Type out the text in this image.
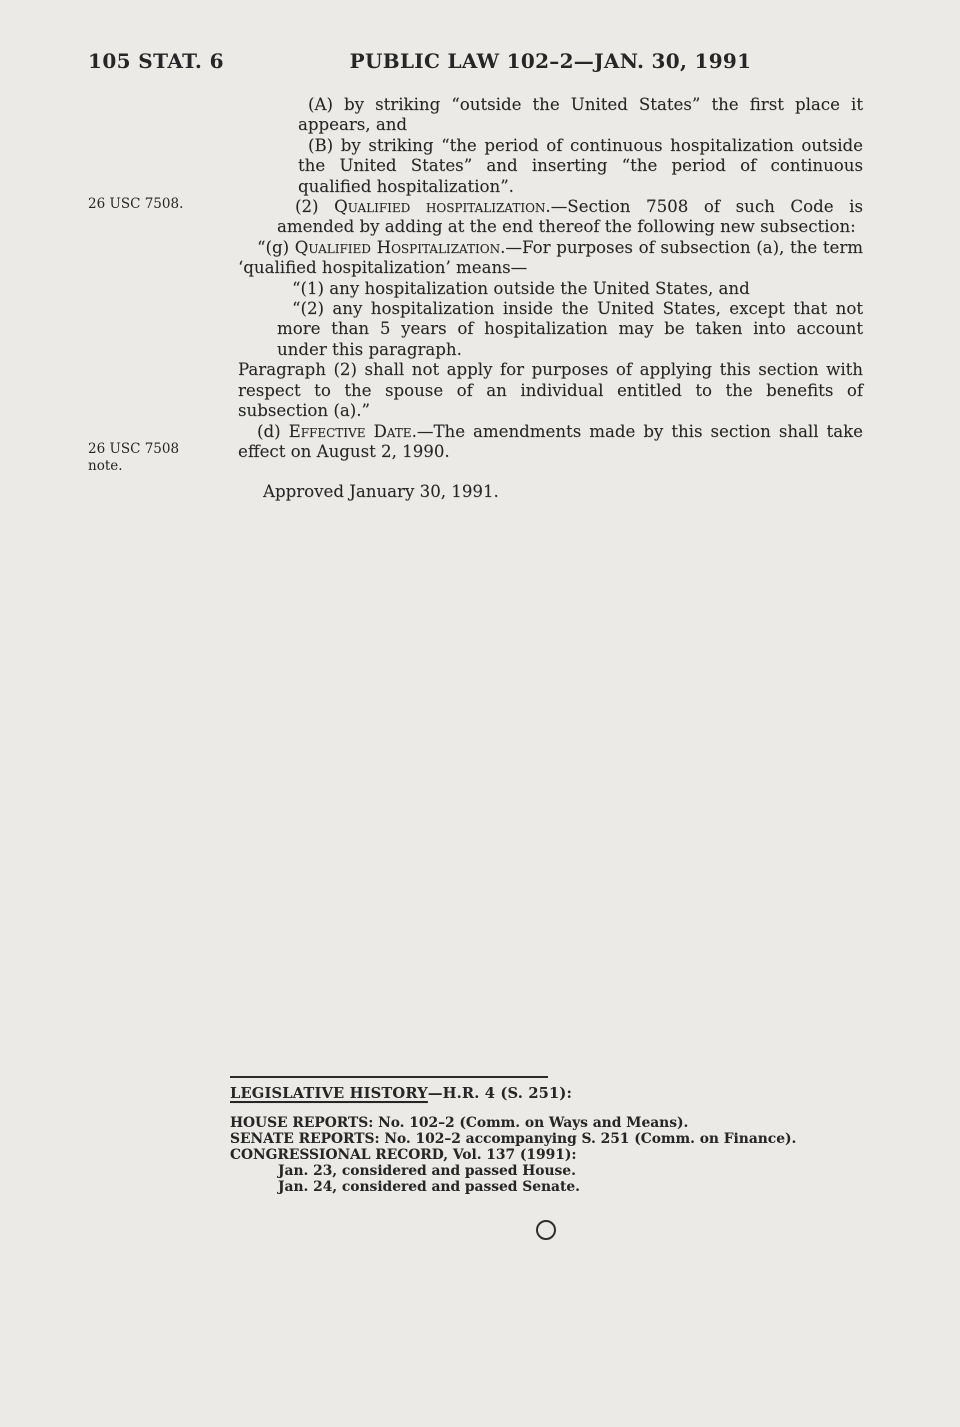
105 STAT. 6	PUBLIC LAW 102–2—JAN. 30, 1991
26 USC 7508.
26 USC 7508
note.

(A) by striking “outside the United States” the first place it appears, and

(B) by striking “the period of continuous hospitalization outside the United States” and inserting “the period of continuous qualified hospitalization”.

(2) Qualified hospitalization.—Section 7508 of such Code is amended by adding at the end thereof the following new subsection:

“(g) Qualified Hospitalization.—For purposes of subsection (a), the term ‘qualified hospitalization’ means—

“(1) any hospitalization outside the United States, and

“(2) any hospitalization inside the United States, except that not more than 5 years of hospitalization may be taken into account under this paragraph.

Paragraph (2) shall not apply for purposes of applying this section with respect to the spouse of an individual entitled to the benefits of subsection (a).”

(d) Effective Date.—The amendments made by this section shall take effect on August 2, 1990.

Approved January 30, 1991.

LEGISLATIVE HISTORY—H.R. 4 (S. 251):
HOUSE REPORTS: No. 102–2 (Comm. on Ways and Means).
SENATE REPORTS: No. 102–2 accompanying S. 251 (Comm. on Finance).
CONGRESSIONAL RECORD, Vol. 137 (1991):
Jan. 23, considered and passed House.
Jan. 24, considered and passed Senate.
